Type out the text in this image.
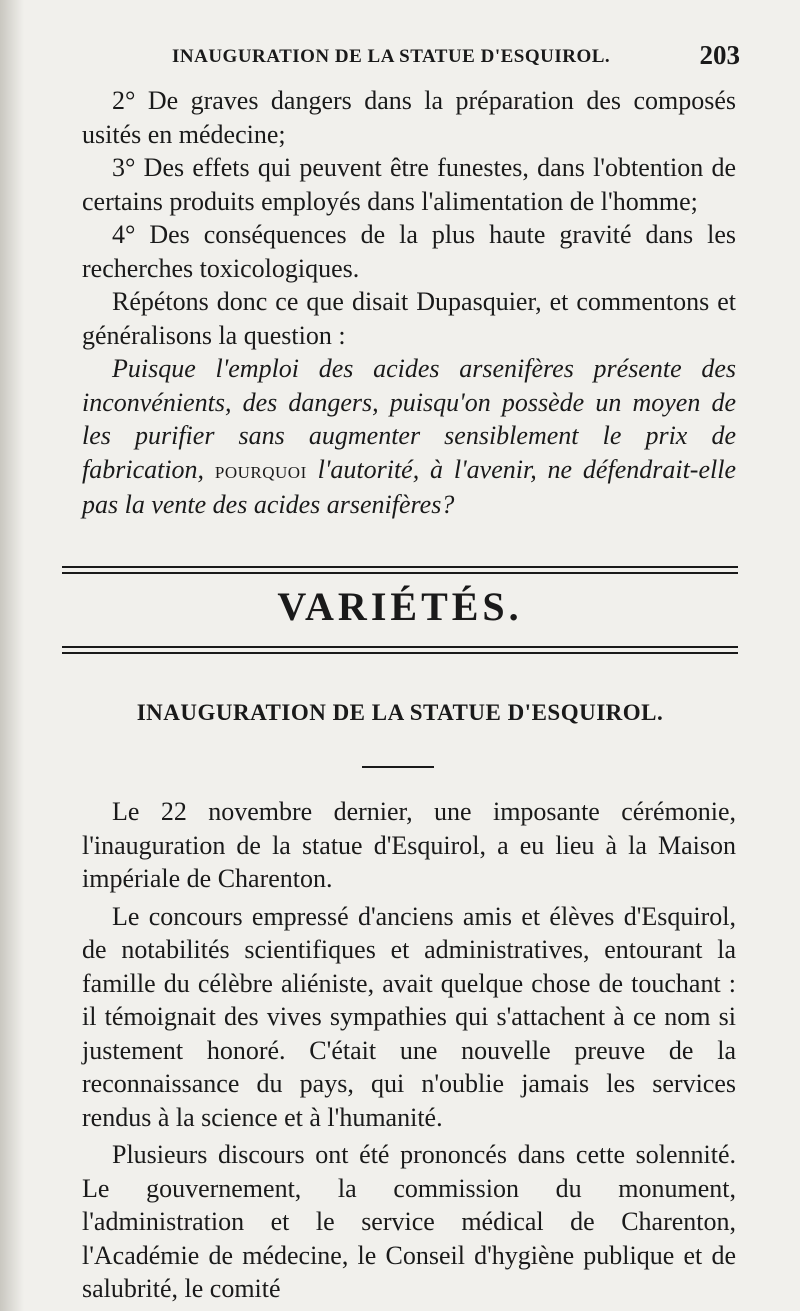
INAUGURATION DE LA STATUE D'ESQUIROL.	203

2° De graves dangers dans la préparation des composés usités en médecine;

3° Des effets qui peuvent être funestes, dans l'obtention de certains produits employés dans l'alimentation de l'homme;

4° Des conséquences de la plus haute gravité dans les recherches toxicologiques.

Répétons donc ce que disait Dupasquier, et commentons et généralisons la question :

Puisque l'emploi des acides arsenifères présente des inconvénients, des dangers, puisqu'on possède un moyen de les purifier sans augmenter sensiblement le prix de fabrication, pourquoi l'autorité, à l'avenir, ne défendrait-elle pas la vente des acides arsenifères?

VARIÉTÉS.
INAUGURATION DE LA STATUE D'ESQUIROL.

Le 22 novembre dernier, une imposante cérémonie, l'inauguration de la statue d'Esquirol, a eu lieu à la Maison impériale de Charenton.

Le concours empressé d'anciens amis et élèves d'Esquirol, de notabilités scientifiques et administratives, entourant la famille du célèbre aliéniste, avait quelque chose de touchant : il témoignait des vives sympathies qui s'attachent à ce nom si justement honoré. C'était une nouvelle preuve de la reconnaissance du pays, qui n'oublie jamais les services rendus à la science et à l'humanité.

Plusieurs discours ont été prononcés dans cette solennité. Le gouvernement, la commission du monument, l'administration et le service médical de Charenton, l'Académie de médecine, le Conseil d'hygiène publique et de salubrité, le comité
